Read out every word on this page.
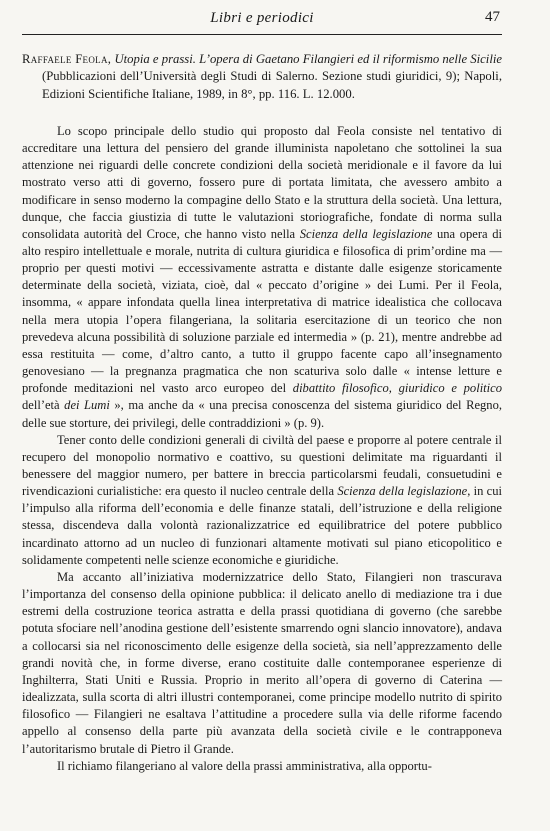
Libri e periodici	47
Raffaele Feola, Utopia e prassi. L’opera di Gaetano Filangieri ed il riformismo nelle Sicilie (Pubblicazioni dell’Università degli Studi di Salerno. Sezione studi giuridici, 9); Napoli, Edizioni Scientifiche Italiane, 1989, in 8°, pp. 116. L. 12.000.

Lo scopo principale dello studio qui proposto dal Feola consiste nel tentativo di accreditare una lettura del pensiero del grande illuminista napoletano che sottolinei la sua attenzione nei riguardi delle concrete condizioni della società meridionale e il favore da lui mostrato verso atti di governo, fossero pure di portata limitata, che avessero ambito a modificare in senso moderno la compagine dello Stato e la struttura della società. Una lettura, dunque, che faccia giustizia di tutte le valutazioni storiografiche, fondate di norma sulla consolidata autorità del Croce, che hanno visto nella Scienza della legislazione una opera di alto respiro intellettuale e morale, nutrita di cultura giuridica e filosofica di prim’ordine ma — proprio per questi motivi — eccessivamente astratta e distante dalle esigenze storicamente determinate della società, viziata, cioè, dal « peccato d’origine » dei Lumi. Per il Feola, insomma, « appare infondata quella linea interpretativa di matrice idealistica che collocava nella mera utopia l’opera filangeriana, la solitaria esercitazione di un teorico che non prevedeva alcuna possibilità di soluzione parziale ed intermedia » (p. 21), mentre andrebbe ad essa restituita — come, d’altro canto, a tutto il gruppo facente capo all’insegnamento genovesiano — la pregnanza pragmatica che non scaturiva solo dalle « intense letture e profonde meditazioni nel vasto arco europeo del dibattito filosofico, giuridico e politico dell’età dei Lumi », ma anche da « una precisa conoscenza del sistema giuridico del Regno, delle sue storture, dei privilegi, delle contraddizioni » (p. 9).

Tener conto delle condizioni generali di civiltà del paese e proporre al potere centrale il recupero del monopolio normativo e coattivo, su questioni delimitate ma riguardanti il benessere del maggior numero, per battere in breccia particolarsmi feudali, consuetudini e rivendicazioni curialistiche: era questo il nucleo centrale della Scienza della legislazione, in cui l’impulso alla riforma dell’economia e delle finanze statali, dell’istruzione e della religione stessa, discendeva dalla volontà razionalizzatrice ed equilibratrice del potere pubblico incardinato attorno ad un nucleo di funzionari altamente motivati sul piano eticopolitico e solidamente competenti nelle scienze economiche e giuridiche.

Ma accanto all’iniziativa modernizzatrice dello Stato, Filangieri non trascurava l’importanza del consenso della opinione pubblica: il delicato anello di mediazione tra i due estremi della costruzione teorica astratta e della prassi quotidiana di governo (che sarebbe potuta sfociare nell’anodina gestione dell’esistente smarrendo ogni slancio innovatore), andava a collocarsi sia nel riconoscimento delle esigenze della società, sia nell’apprezzamento delle grandi novità che, in forme diverse, erano costituite dalle contemporanee esperienze di Inghilterra, Stati Uniti e Russia. Proprio in merito all’opera di governo di Caterina — idealizzata, sulla scorta di altri illustri contemporanei, come principe modello nutrito di spirito filosofico — Filangieri ne esaltava l’attitudine a procedere sulla via delle riforme facendo appello al consenso della parte più avanzata della società civile e le contrapponeva l’autoritarismo brutale di Pietro il Grande.

Il richiamo filangeriano al valore della prassi amministrativa, alla opportu-
